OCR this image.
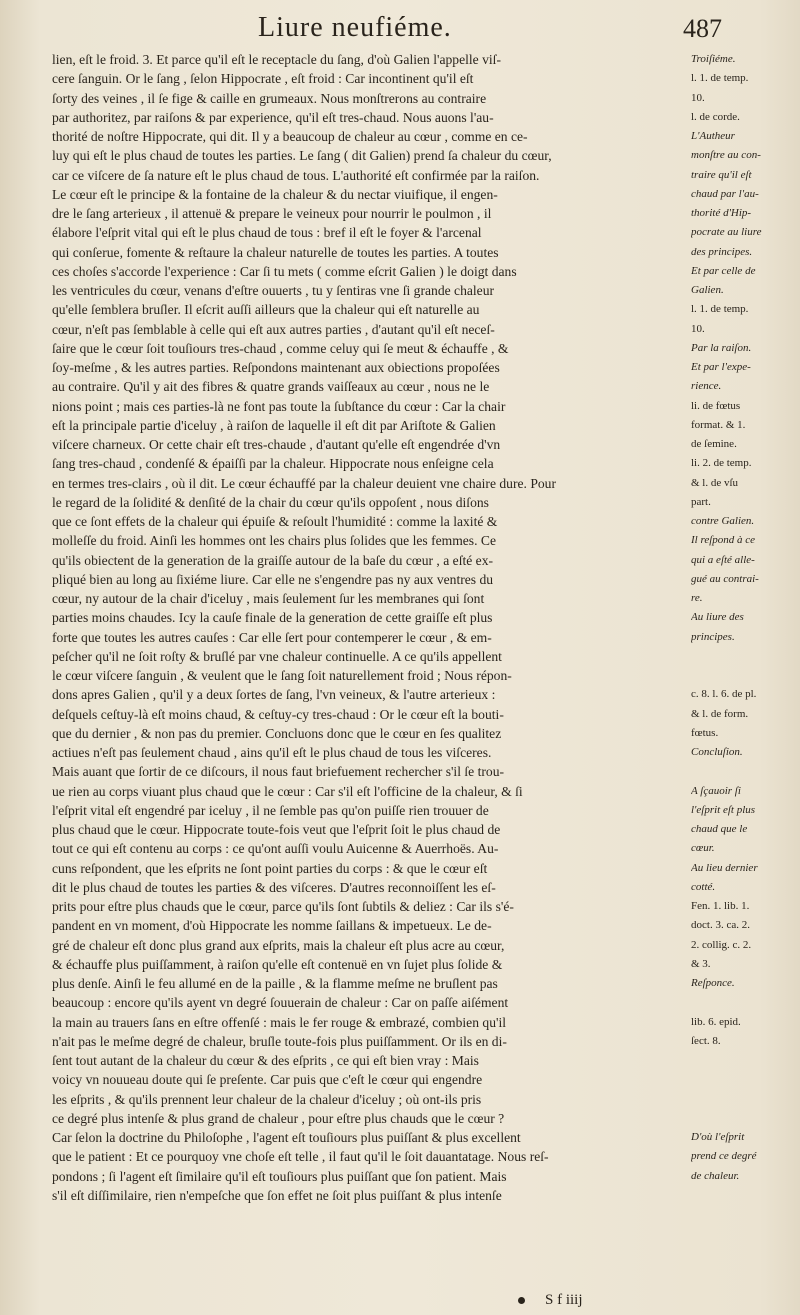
Liure neufiéme.	487
lien, eſt le froid. 3. Et parce qu'il eſt le receptacle du ſang, d'où Galien l'appelle viſ-
cere ſanguin. Or le ſang , ſelon Hippocrate , eſt froid : Car incontinent qu'il eſt
ſorty des veines , il ſe fige & caille en grumeaux. Nous monſtrerons au contraire
par authoritez, par raiſons & par experience, qu'il eſt tres-chaud. Nous auons l'au-
thorité de noſtre Hippocrate, qui dit. Il y a beaucoup de chaleur au cœur , comme en ce-
luy qui eſt le plus chaud de toutes les parties. Le ſang ( dit Galien) prend ſa chaleur du cœur,
car ce viſcere de ſa nature eſt le plus chaud de tous. L'authorité eſt confirmée par la raiſon.
Le cœur eſt le principe & la fontaine de la chaleur & du nectar viuifique, il engen-
dre le ſang arterieux , il attenuë & prepare le veineux pour nourrir le poulmon , il
élabore l'eſprit vital qui eſt le plus chaud de tous : bref il eſt le foyer & l'arcenal
qui conſerue, fomente & reſtaure la chaleur naturelle de toutes les parties. A toutes
ces choſes s'accorde l'experience : Car ſi tu mets ( comme eſcrit Galien ) le doigt dans
les ventricules du cœur, venans d'eſtre ouuerts , tu y ſentiras vne ſi grande chaleur
qu'elle ſemblera bruſler. Il eſcrit auſſi ailleurs que la chaleur qui eſt naturelle au
cœur, n'eſt pas ſemblable à celle qui eſt aux autres parties , d'autant qu'il eſt neceſ-
ſaire que le cœur ſoit touſiours tres-chaud , comme celuy qui ſe meut & échauffe , &
ſoy-meſme , & les autres parties. Reſpondons maintenant aux obiections propoſées
au contraire. Qu'il y ait des fibres & quatre grands vaiſſeaux au cœur , nous ne le
nions point ; mais ces parties-là ne font pas toute la ſubſtance du cœur : Car la chair
eſt la principale partie d'iceluy , à raiſon de laquelle il eſt dit par Ariſtote & Galien
viſcere charneux. Or cette chair eſt tres-chaude , d'autant qu'elle eſt engendrée d'vn
ſang tres-chaud , condenſé & épaiſſi par la chaleur. Hippocrate nous enſeigne cela
en termes tres-clairs , où il dit. Le cœur échauffé par la chaleur deuient vne chaire dure. Pour
le regard de la ſolidité & denſité de la chair du cœur qu'ils oppoſent , nous diſons
que ce ſont effets de la chaleur qui épuiſe & reſoult l'humidité : comme la laxité &
molleſſe du froid. Ainſi les hommes ont les chairs plus ſolides que les femmes. Ce
qu'ils obiectent de la generation de la graiſſe autour de la baſe du cœur , a eſté ex-
pliqué bien au long au ſixiéme liure. Car elle ne s'engendre pas ny aux ventres du
cœur, ny autour de la chair d'iceluy , mais ſeulement ſur les membranes qui ſont
parties moins chaudes. Icy la cauſe finale de la generation de cette graiſſe eſt plus
forte que toutes les autres cauſes : Car elle ſert pour contemperer le cœur , & em-
peſcher qu'il ne ſoit roſty & bruſlé par vne chaleur continuelle. A ce qu'ils appellent
le cœur viſcere ſanguin , & veulent que le ſang ſoit naturellement froid ; Nous répon-
dons apres Galien , qu'il y a deux ſortes de ſang, l'vn veineux, & l'autre arterieux :
deſquels ceſtuy-là eſt moins chaud, & ceſtuy-cy tres-chaud : Or le cœur eſt la bouti-
que du dernier , & non pas du premier. Concluons donc que le cœur en ſes qualitez
actiues n'eſt pas ſeulement chaud , ains qu'il eſt le plus chaud de tous les viſceres.
Mais auant que ſortir de ce diſcours, il nous faut briefuement rechercher s'il ſe trou-
ue rien au corps viuant plus chaud que le cœur : Car s'il eſt l'officine de la chaleur, & ſi
l'eſprit vital eſt engendré par iceluy , il ne ſemble pas qu'on puiſſe rien trouuer de
plus chaud que le cœur. Hippocrate toute-fois veut que l'eſprit ſoit le plus chaud de
tout ce qui eſt contenu au corps : ce qu'ont auſſi voulu Auicenne & Auerrhoës. Au-
cuns reſpondent, que les eſprits ne ſont point parties du corps : & que le cœur eſt
dit le plus chaud de toutes les parties & des viſceres. D'autres reconnoiſſent les eſ-
prits pour eſtre plus chauds que le cœur, parce qu'ils ſont ſubtils & deliez : Car ils s'é-
pandent en vn moment, d'où Hippocrate les nomme ſaillans & impetueux. Le de-
gré de chaleur eſt donc plus grand aux eſprits, mais la chaleur eſt plus acre au cœur,
& échauffe plus puiſſamment, à raiſon qu'elle eſt contenuë en vn ſujet plus ſolide &
plus denſe. Ainſi le feu allumé en de la paille , & la flamme meſme ne bruſlent pas
beaucoup : encore qu'ils ayent vn degré ſouuerain de chaleur : Car on paſſe aiſément
la main au trauers ſans en eſtre offenſé : mais le fer rouge & embrazé, combien qu'il
n'ait pas le meſme degré de chaleur, bruſle toute-fois plus puiſſamment. Or ils en di-
ſent tout autant de la chaleur du cœur & des eſprits , ce qui eſt bien vray : Mais
voicy vn nouueau doute qui ſe preſente. Car puis que c'eſt le cœur qui engendre
les eſprits , & qu'ils prennent leur chaleur de la chaleur d'iceluy ; où ont-ils pris
ce degré plus intenſe & plus grand de chaleur , pour eſtre plus chauds que le cœur ?
Car ſelon la doctrine du Philoſophe , l'agent eſt touſiours plus puiſſant & plus excellent
que le patient : Et ce pourquoy vne choſe eſt telle , il faut qu'il le ſoit dauantatage. Nous reſ-
pondons ; ſi l'agent eſt ſimilaire qu'il eſt touſiours plus puiſſant que ſon patient. Mais
s'il eſt diſſimilaire, rien n'empeſche que ſon effet ne ſoit plus puiſſant & plus intenſe
Troiſiéme.
l. 1. de temp.
10.
l. de corde.
L'Autheur
monſtre au con-
traire qu'il eſt
chaud par l'au-
thorité d'Hip-
pocrate au liure
des principes.
Et par celle de
Galien.
l. 1. de temp.
10.
Par la raiſon.
Et par l'expe-
rience.
li. de fœtus
format. & 1.
de ſemine.
li. 2. de temp.
& l. de vſu
part.
contre Galien.
Il reſpond à ce
qui a eſté alle-
gué au contrai-
re.
Au liure des
principes.
c. 8. l. 6. de pl.
& l. de form.
fœtus.
Concluſion.
A ſçauoir ſi
l'eſprit eſt plus
chaud que le
cœur.
Au lieu dernier
cotté.
Fen. 1. lib. 1.
doct. 3. ca. 2.
2. collig. c. 2.
& 3.
Reſponce.
lib. 6. epid.
ſect. 8.
D'où l'eſprit
prend ce degré
de chaleur.
S f iiij
